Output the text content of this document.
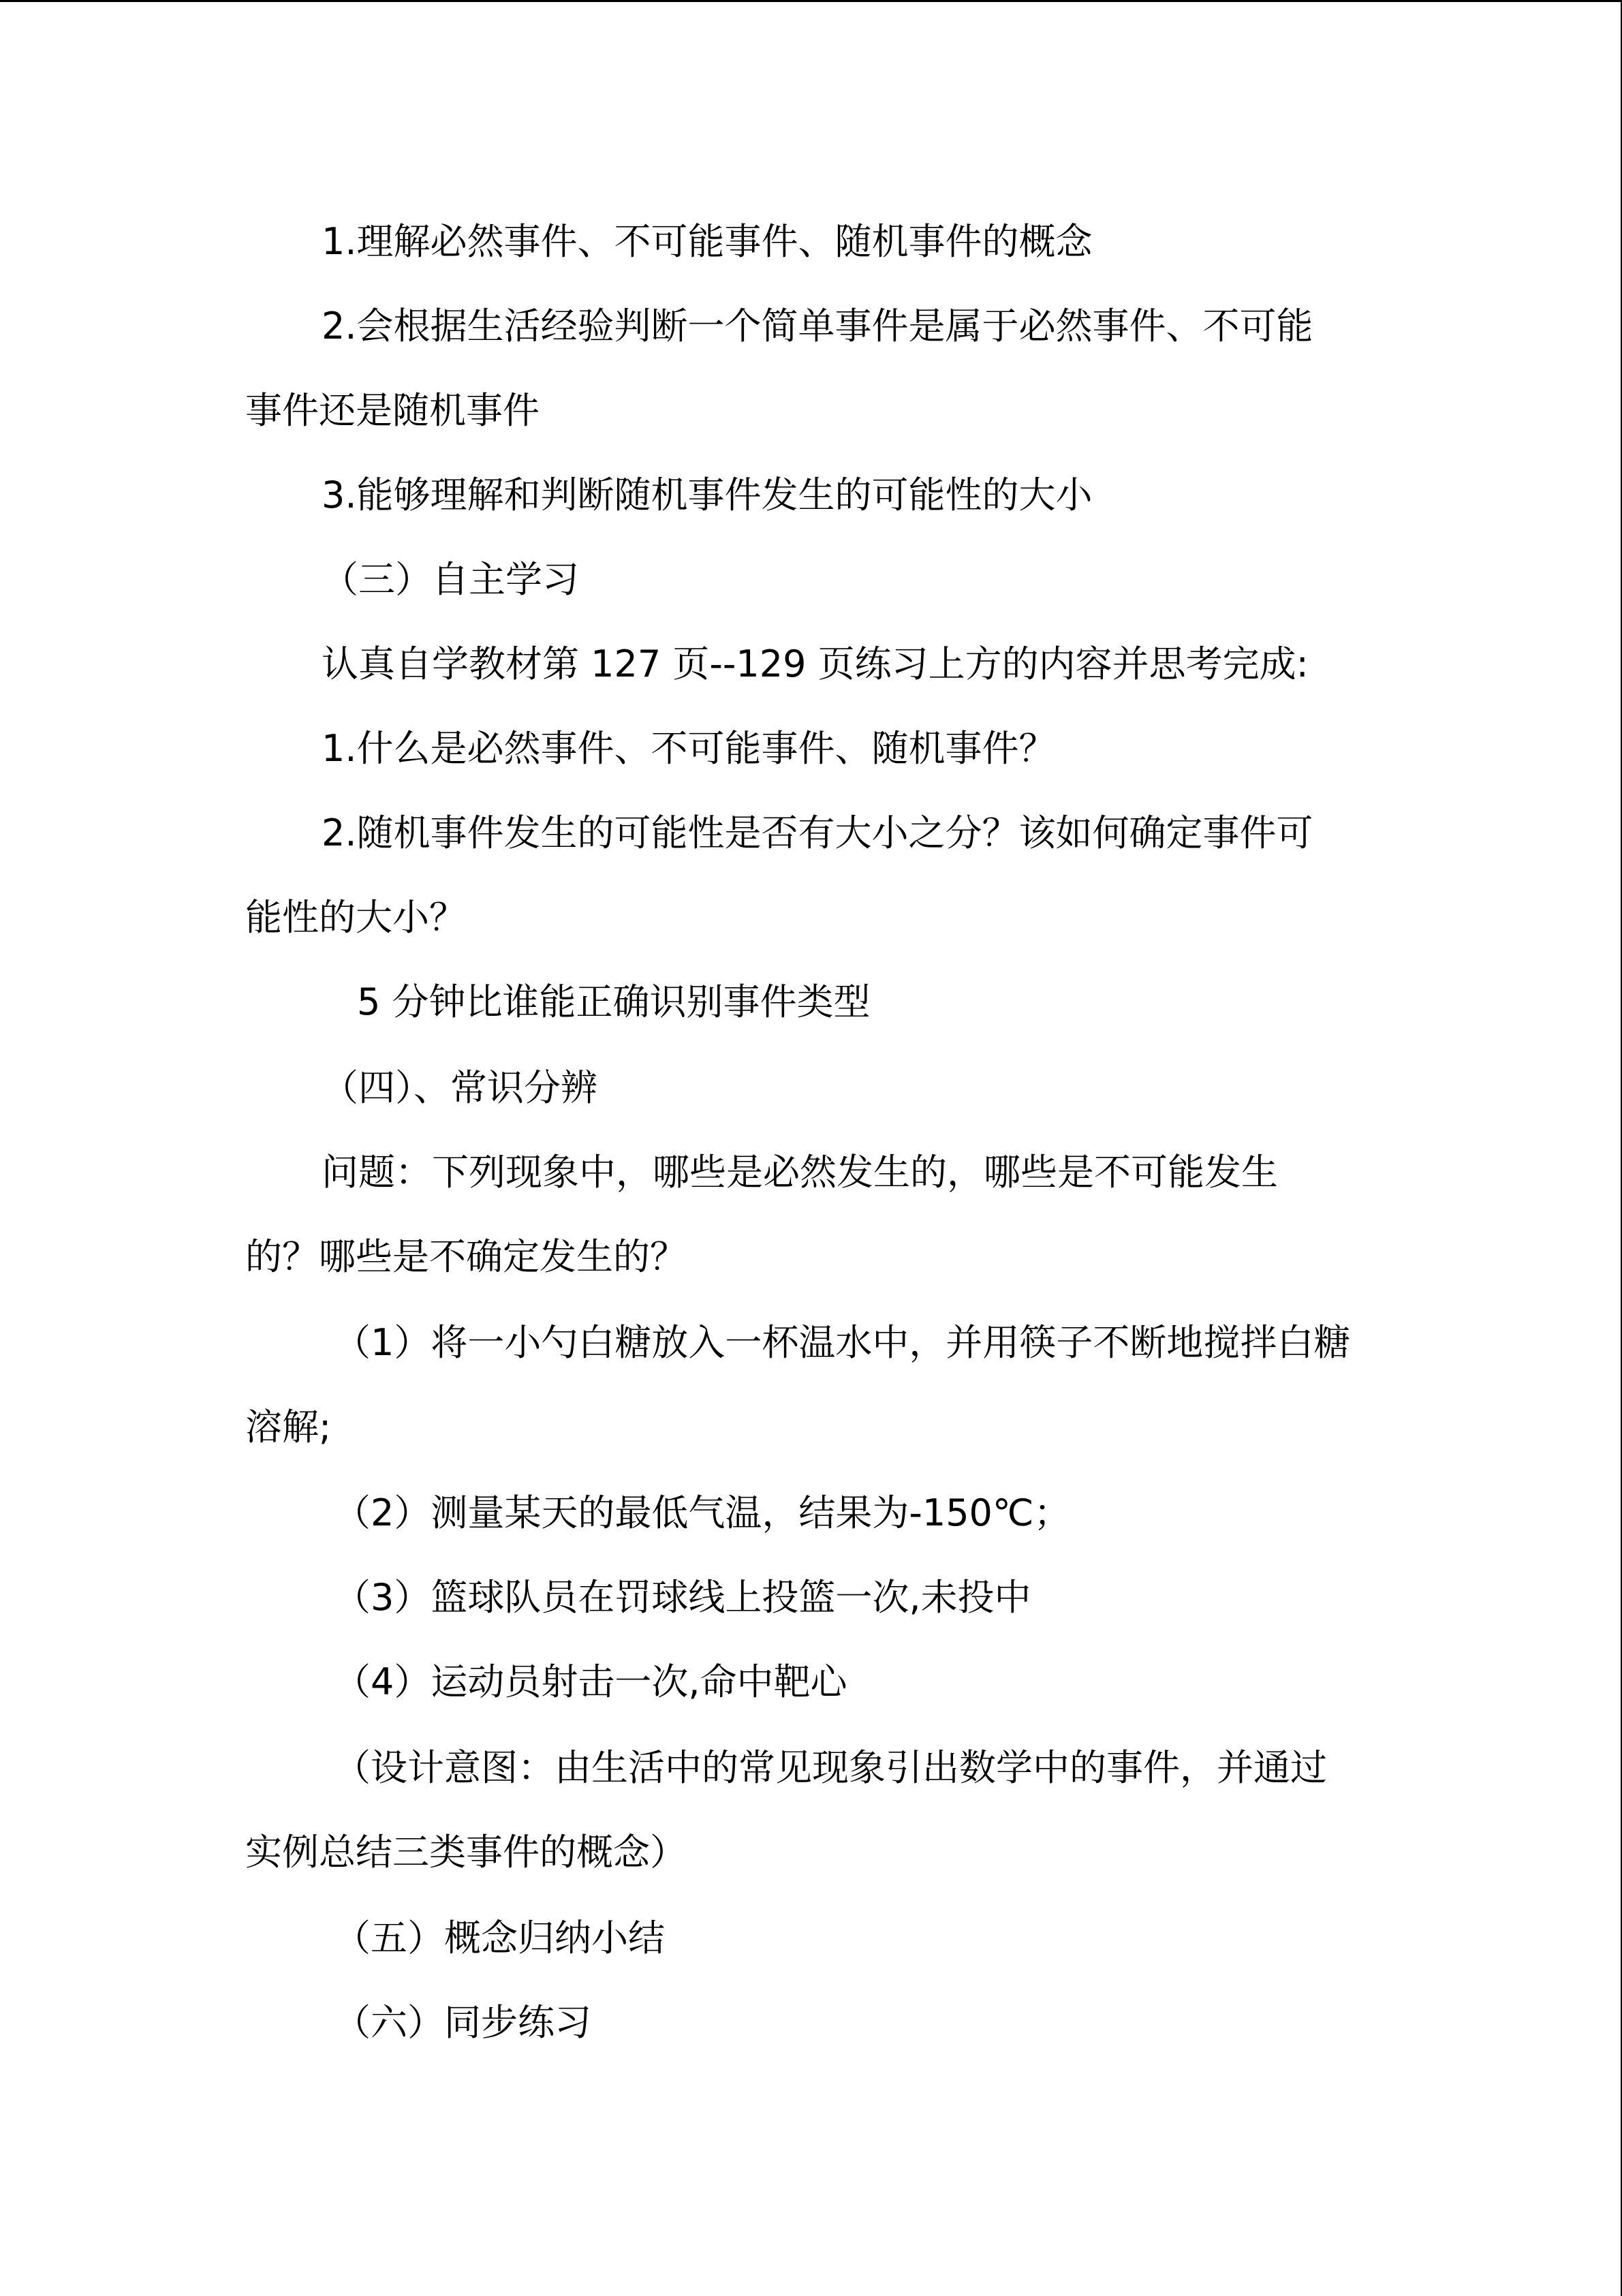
1.理解必然事件、不可能事件、随机事件的概念

2.会根据生活经验判断一个简单事件是属于必然事件、不可能

事件还是随机事件

3.能够理解和判断随机事件发生的可能性的大小

（三）自主学习

认真自学教材第 127 页--129 页练习上方的内容并思考完成:

1.什么是必然事件、不可能事件、随机事件？

2.随机事件发生的可能性是否有大小之分？该如何确定事件可

能性的大小？

5 分钟比谁能正确识别事件类型

（四）、常识分辨

问题：下列现象中，哪些是必然发生的，哪些是不可能发生

的？哪些是不确定发生的？

（1）将一小勺白糖放入一杯温水中，并用筷子不断地搅拌白糖

溶解;

（2）测量某天的最低气温，结果为-150℃；

（3）篮球队员在罚球线上投篮一次,未投中

（4）运动员射击一次,命中靶心

（设计意图：由生活中的常见现象引出数学中的事件，并通过

实例总结三类事件的概念）

（五）概念归纳小结

（六）同步练习
